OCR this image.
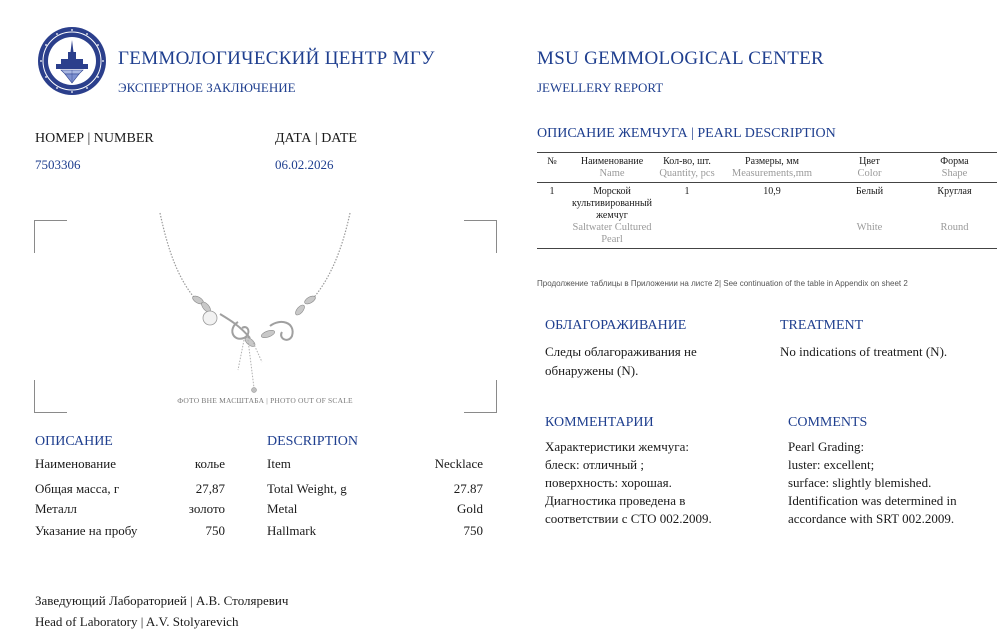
ГЕММОЛОГИЧЕСКИЙ ЦЕНТР МГУ
ЭКСПЕРТНОЕ ЗАКЛЮЧЕНИЕ
MSU GEMMOLOGICAL CENTER
JEWELLERY REPORT
НОМЕР | NUMBER
7503306
ДАТА | DATE
06.02.2026
ФОТО ВНЕ МАСШТАБА | PHOTO OUT OF SCALE
ОПИСАНИЕ	DESCRIPTION
Наименование	колье	Item	Necklace
Общая масса, г	27,87	Total Weight, g	27.87
Металл	золото	Metal	Gold
Указание на пробу	750	Hallmark	750
ОПИСАНИЕ ЖЕМЧУГА | PEARL DESCRIPTION
№	Наименование	Кол-во, шт.	Размеры, мм	Цвет	Форма
	Name	Quantity, pcs	Measurements,mm	Color	Shape
1	Морской культивированный жемчуг	1	10,9	Белый	Круглая
	Saltwater Cultured Pearl			White	Round
Продолжение таблицы в Приложении на листе 2| See continuation of the table in Appendix on sheet 2
ОБЛАГОРАЖИВАНИЕ	TREATMENT
Следы облагораживания не
обнаружены (N).
No indications of treatment (N).
КОММЕНТАРИИ	COMMENTS
Характеристики жемчуга:
блеск: отличный ;
поверхность: хорошая.
Диагностика проведена в
соответствии с СТО 002.2009.
Pearl Grading:
luster: excellent;
surface: slightly blemished.
Identification was determined in
accordance with SRT 002.2009.
Заведующий Лабораторией | А.В. Столяревич
Head of Laboratory | A.V. Stolyarevich
